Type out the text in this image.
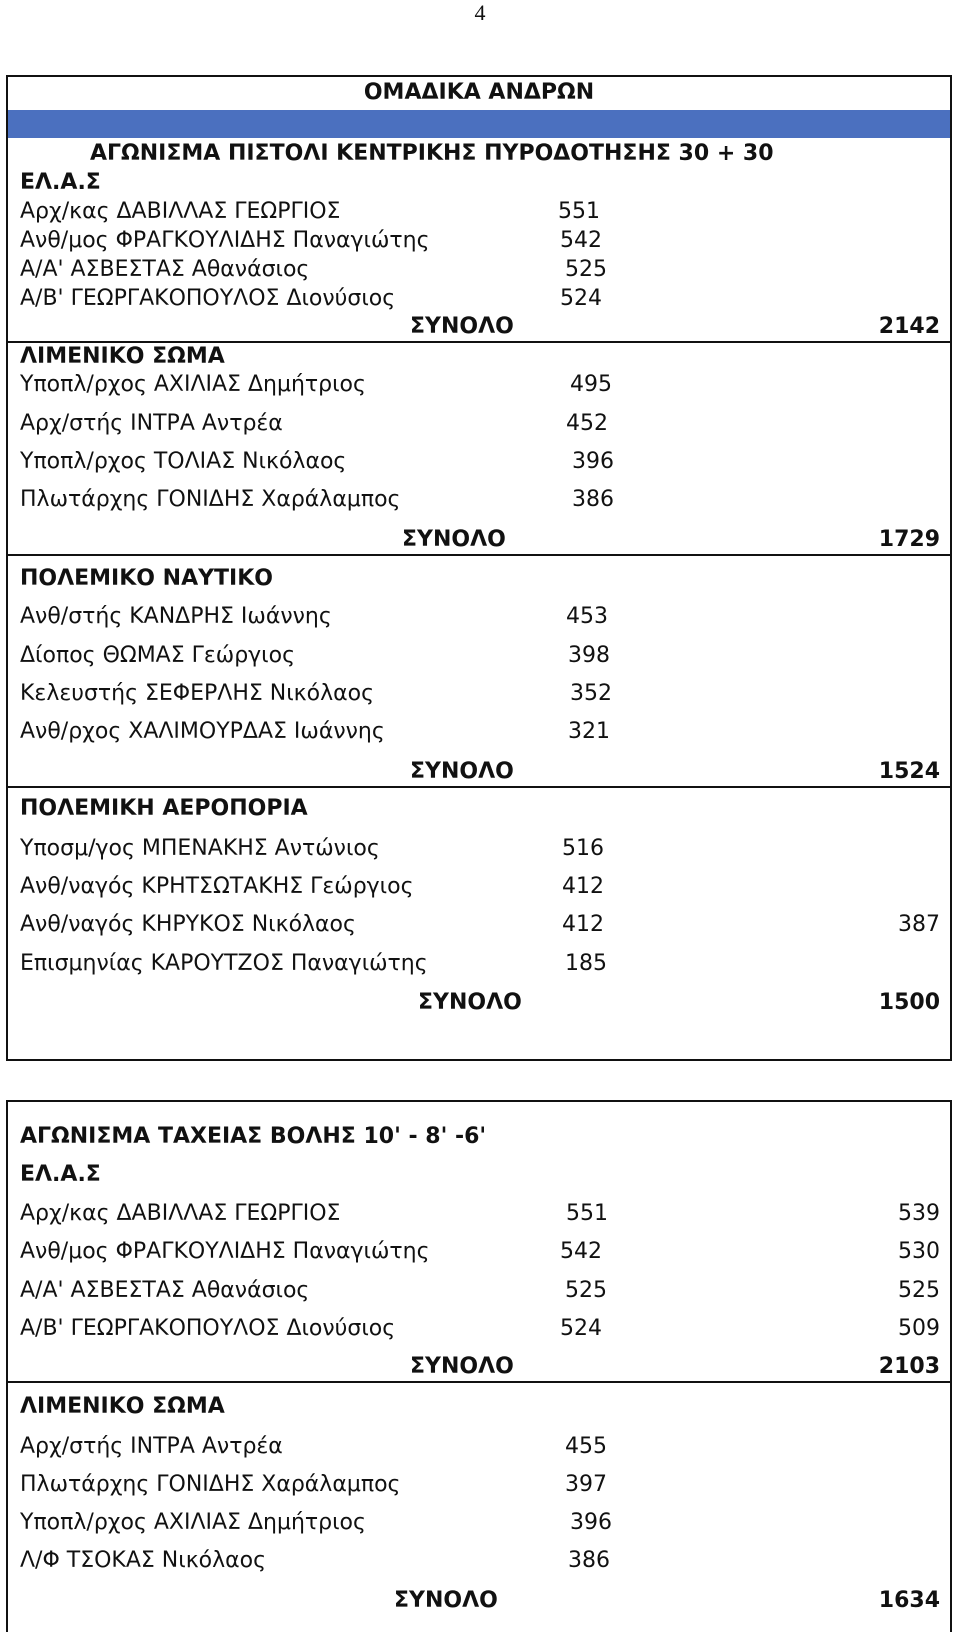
4
ΟΜΑΔΙΚΑ ΑΝΔΡΩΝ
ΑΓΩΝΙΣΜΑ ΠΙΣΤΟΛΙ ΚΕΝΤΡΙΚΗΣ ΠΥΡΟΔΟΤΗΣΗΣ 30 + 30
ΕΛ.Α.Σ
Αρχ/κας ΔΑΒΙΛΛΑΣ ΓΕΩΡΓΙΟΣ	551
Ανθ/μος ΦΡΑΓΚΟΥΛΙΔΗΣ Παναγιώτης	542
Α/Α' ΑΣΒΕΣΤΑΣ Αθανάσιος	525
Α/Β' ΓΕΩΡΓΑΚΟΠΟΥΛΟΣ Διονύσιος	524
ΣΥΝΟΛΟ	2142
ΛΙΜΕΝΙΚΟ ΣΩΜΑ
Υποπλ/ρχος ΑΧΙΛΙΑΣ Δημήτριος	495
Αρχ/στής ΙΝΤΡΑ Αντρέα	452
Υποπλ/ρχος ΤΟΛΙΑΣ Νικόλαος	396
Πλωτάρχης ΓΟΝΙΔΗΣ Χαράλαμπος	386
ΣΥΝΟΛΟ	1729
ΠΟΛΕΜΙΚΟ ΝΑΥΤΙΚΟ
Ανθ/στής ΚΑΝΔΡΗΣ Ιωάννης	453
Δίοπος ΘΩΜΑΣ Γεώργιος	398
Κελευστής ΣΕΦΕΡΛΗΣ Νικόλαος	352
Ανθ/ρχος ΧΑΛΙΜΟΥΡΔΑΣ Ιωάννης	321
ΣΥΝΟΛΟ	1524
ΠΟΛΕΜΙΚΗ ΑΕΡΟΠΟΡΙΑ
Υποσμ/γος ΜΠΕΝΑΚΗΣ Αντώνιος	516
Ανθ/ναγός ΚΡΗΤΣΩΤΑΚΗΣ Γεώργιος	412
Ανθ/ναγός ΚΗΡΥΚΟΣ Νικόλαος	412	387
Επισμηνίας ΚΑΡΟΥΤΖΟΣ Παναγιώτης	185
ΣΥΝΟΛΟ	1500
ΑΓΩΝΙΣΜΑ ΤΑΧΕΙΑΣ ΒΟΛΗΣ 10' - 8' -6'
ΕΛ.Α.Σ
Αρχ/κας ΔΑΒΙΛΛΑΣ ΓΕΩΡΓΙΟΣ	551	539
Ανθ/μος ΦΡΑΓΚΟΥΛΙΔΗΣ Παναγιώτης	542	530
Α/Α' ΑΣΒΕΣΤΑΣ Αθανάσιος	525	525
Α/Β' ΓΕΩΡΓΑΚΟΠΟΥΛΟΣ Διονύσιος	524	509
ΣΥΝΟΛΟ	2103
ΛΙΜΕΝΙΚΟ ΣΩΜΑ
Αρχ/στής ΙΝΤΡΑ Αντρέα	455
Πλωτάρχης ΓΟΝΙΔΗΣ Χαράλαμπος	397
Υποπλ/ρχος ΑΧΙΛΙΑΣ Δημήτριος	396
Λ/Φ ΤΣΟΚΑΣ Νικόλαος	386
ΣΥΝΟΛΟ	1634
